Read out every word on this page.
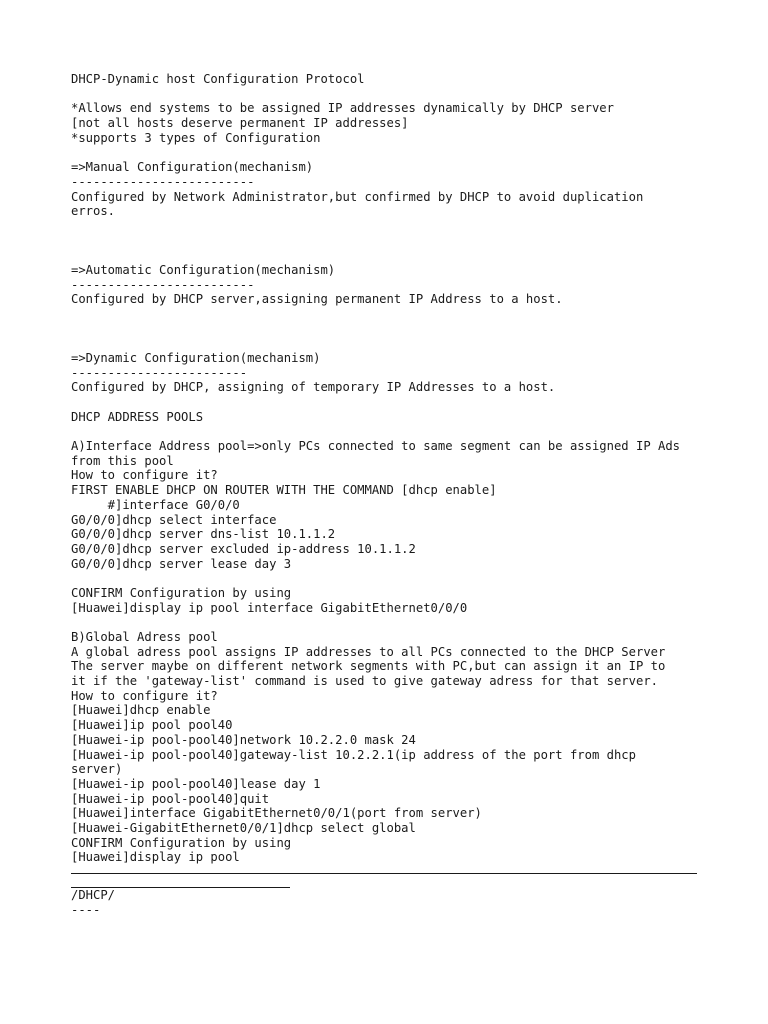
DHCP-Dynamic host Configuration Protocol

*Allows end systems to be assigned IP addresses dynamically by DHCP server

[not all hosts deserve permanent IP addresses]

*supports 3 types of Configuration

=>Manual Configuration(mechanism)

-------------------------

Configured by Network Administrator,but confirmed by DHCP to avoid duplication

erros.

=>Automatic Configuration(mechanism)

-------------------------

Configured by DHCP server,assigning permanent IP Address to a host.

=>Dynamic Configuration(mechanism)

------------------------

Configured by DHCP, assigning of temporary IP Addresses to a host.

DHCP ADDRESS POOLS

A)Interface Address pool=>only PCs connected to same segment can be assigned IP Ads

from this pool

How to configure it?

FIRST ENABLE DHCP ON ROUTER WITH THE COMMAND [dhcp enable]

#]interface G0/0/0

G0/0/0]dhcp select interface

G0/0/0]dhcp server dns-list 10.1.1.2

G0/0/0]dhcp server excluded ip-address 10.1.1.2

G0/0/0]dhcp server lease day 3

CONFIRM Configuration by using

[Huawei]display ip pool interface GigabitEthernet0/0/0

B)Global Adress pool

A global adress pool assigns IP addresses to all PCs connected to the DHCP Server

The server maybe on different network segments with PC,but can assign it an IP to

it if the 'gateway-list' command is used to give gateway adress for that server.

How to configure it?

[Huawei]dhcp enable

[Huawei]ip pool pool40

[Huawei-ip pool-pool40]network 10.2.2.0 mask 24

[Huawei-ip pool-pool40]gateway-list 10.2.2.1(ip address of the port from dhcp

server)

[Huawei-ip pool-pool40]lease day 1

[Huawei-ip pool-pool40]quit

[Huawei]interface GigabitEthernet0/0/1(port from server)

[Huawei-GigabitEthernet0/0/1]dhcp select global

CONFIRM Configuration by using

[Huawei]display ip pool

/DHCP/

----
